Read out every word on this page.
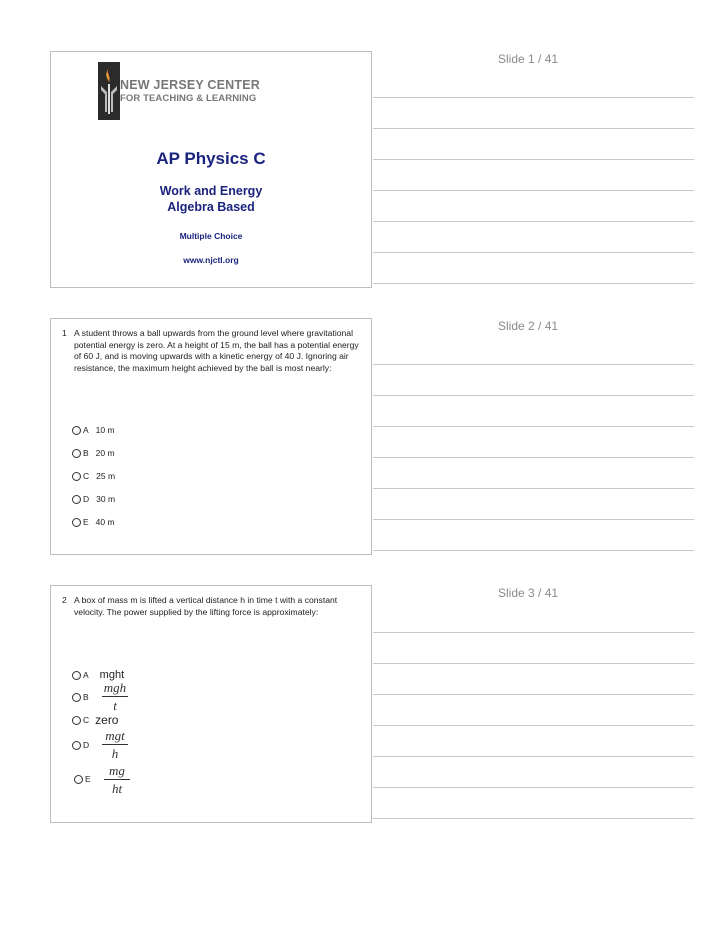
Slide 1 / 41
NEW JERSEY CENTER
FOR TEACHING & LEARNING
AP Physics C
Work and Energy
Algebra Based
Multiple Choice
www.njctl.org
Slide 2 / 41
1 A student throws a ball upwards from the ground level where gravitational potential energy is zero. At a height of 15 m, the ball has a potential energy of 60 J, and is moving upwards with a kinetic energy of 40 J. Ignoring air resistance, the maximum height achieved by the ball is most nearly:
A 10 m
B 20 m
C 25 m
D 30 m
E 40 m
Slide 3 / 41
2 A box of mass m is lifted a vertical distance h in time t with a constant velocity. The power supplied by the lifting force is approximately:
A mght
B
mgh
t
C zero
D
mgt
h
E
mg
ht
